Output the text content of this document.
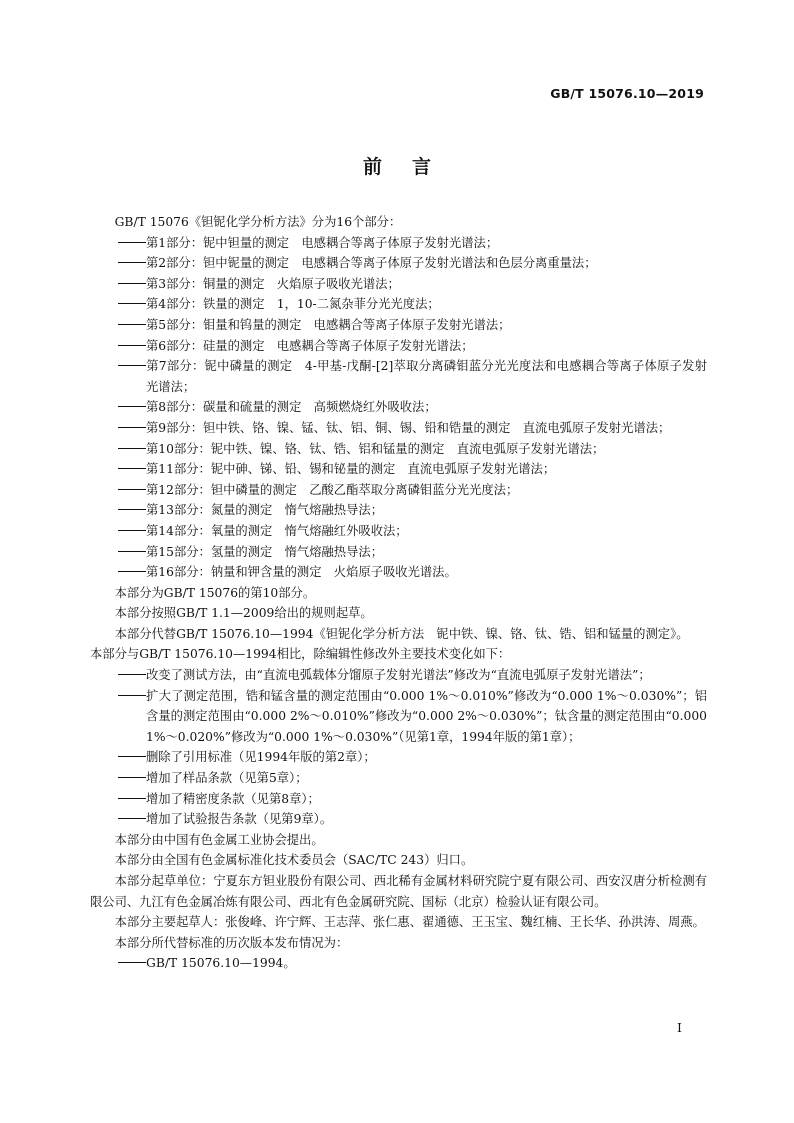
GB/T 15076.10—2019
前言

GB/T 15076《钽铌化学分析方法》分为16个部分：

第1部分：铌中钽量的测定　电感耦合等离子体原子发射光谱法；

第2部分：钽中铌量的测定　电感耦合等离子体原子发射光谱法和色层分离重量法；

第3部分：铜量的测定　火焰原子吸收光谱法；

第4部分：铁量的测定　1，10-二氮杂菲分光光度法；

第5部分：钼量和钨量的测定　电感耦合等离子体原子发射光谱法；

第6部分：硅量的测定　电感耦合等离子体原子发射光谱法；

第7部分：铌中磷量的测定　4-甲基-戊酮-[2]萃取分离磷钼蓝分光光度法和电感耦合等离子体原子发射光谱法；

第8部分：碳量和硫量的测定　高频燃烧红外吸收法；

第9部分：钽中铁、铬、镍、锰、钛、铝、铜、锡、铅和锆量的测定　直流电弧原子发射光谱法；

第10部分：铌中铁、镍、铬、钛、锆、铝和锰量的测定　直流电弧原子发射光谱法；

第11部分：铌中砷、锑、铅、锡和铋量的测定　直流电弧原子发射光谱法；

第12部分：钽中磷量的测定　乙酸乙酯萃取分离磷钼蓝分光光度法；

第13部分：氮量的测定　惰气熔融热导法；

第14部分：氧量的测定　惰气熔融红外吸收法；

第15部分：氢量的测定　惰气熔融热导法；

第16部分：钠量和钾含量的测定　火焰原子吸收光谱法。

本部分为GB/T 15076的第10部分。

本部分按照GB/T 1.1—2009给出的规则起草。

本部分代替GB/T 15076.10—1994《钽铌化学分析方法　铌中铁、镍、铬、钛、锆、铝和锰量的测定》。

本部分与GB/T 15076.10—1994相比，除编辑性修改外主要技术变化如下：

改变了测试方法，由“直流电弧载体分馏原子发射光谱法”修改为“直流电弧原子发射光谱法”；

扩大了测定范围，锆和锰含量的测定范围由“0.000 1%～0.010%”修改为“0.000 1%～0.030%”；铝含量的测定范围由“0.000 2%～0.010%”修改为“0.000 2%～0.030%”；钛含量的测定范围由“0.000 1%～0.020%”修改为“0.000 1%～0.030%”（见第1章，1994年版的第1章）；

删除了引用标准（见1994年版的第2章）；

增加了样品条款（见第5章）；

增加了精密度条款（见第8章）；

增加了试验报告条款（见第9章）。

本部分由中国有色金属工业协会提出。

本部分由全国有色金属标准化技术委员会（SAC/TC 243）归口。

本部分起草单位：宁夏东方钽业股份有限公司、西北稀有金属材料研究院宁夏有限公司、西安汉唐分析检测有限公司、九江有色金属冶炼有限公司、西北有色金属研究院、国标（北京）检验认证有限公司。

本部分主要起草人：张俊峰、许宁辉、王志萍、张仁惠、翟通德、王玉宝、魏红楠、王长华、孙洪涛、周燕。

本部分所代替标准的历次版本发布情况为：

GB/T 15076.10—1994。

I
